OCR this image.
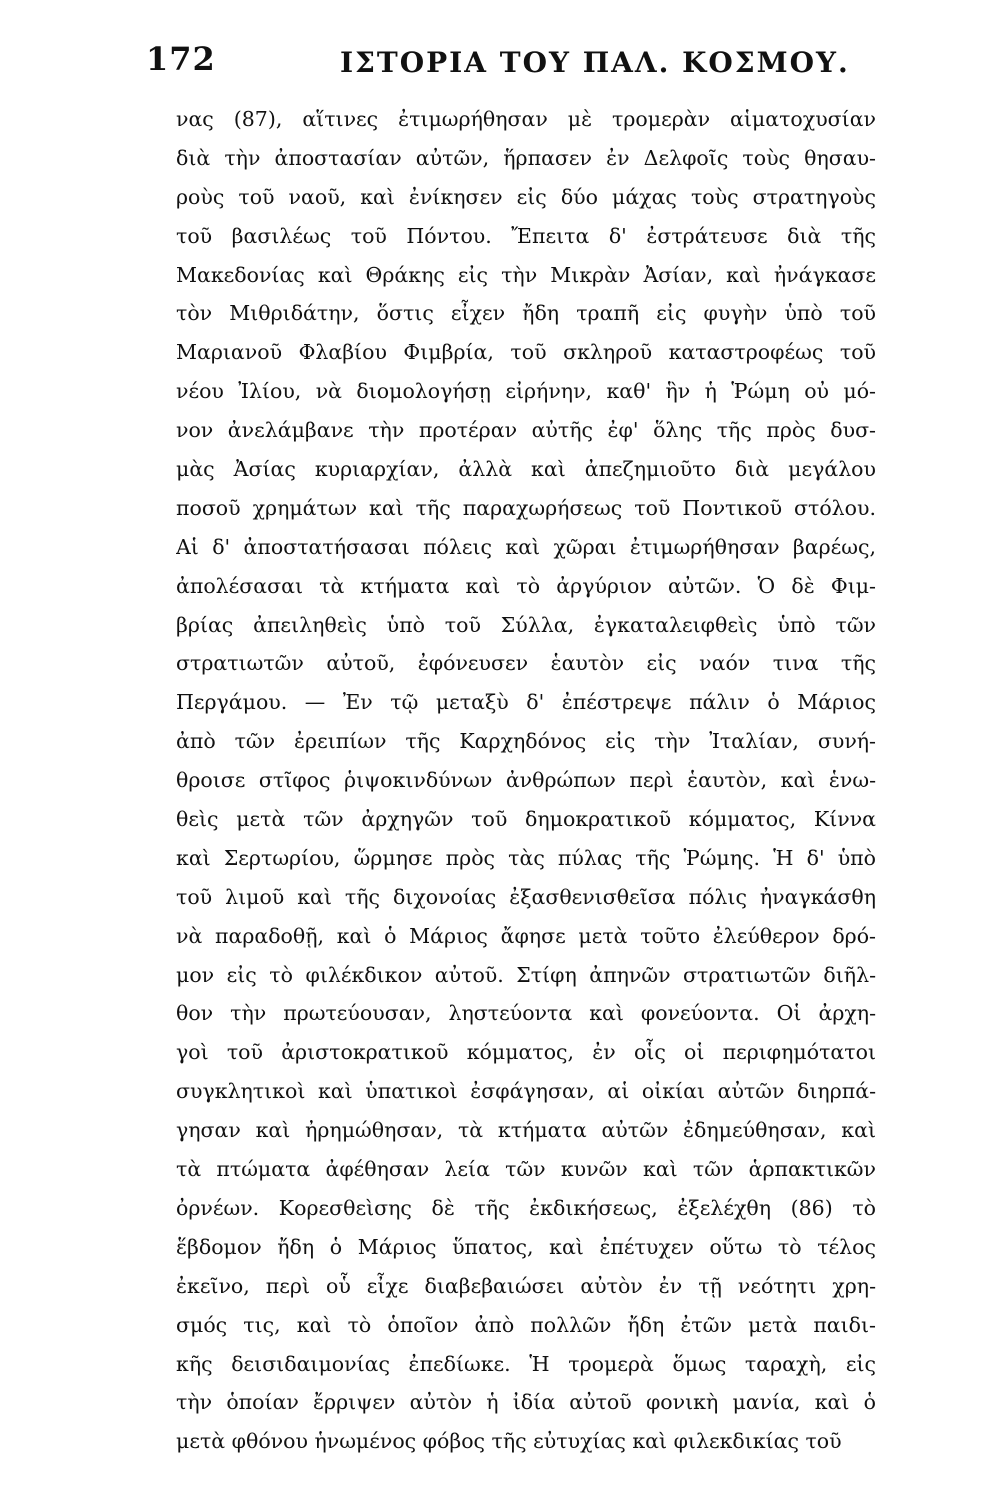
172	ΙΣΤΟΡΙΑ ΤΟΥ ΠΑΛ. ΚΟΣΜΟΥ.
νας (87), αἵτινες ἐτιμωρήθησαν μὲ τρομερὰν αἱματοχυσίαν
διὰ τὴν ἀποστασίαν αὐτῶν, ἥρπασεν ἐν Δελφοῖς τοὺς θησαυ-
ροὺς τοῦ ναοῦ, καὶ ἐνίκησεν εἰς δύο μάχας τοὺς στρατηγοὺς
τοῦ βασιλέως τοῦ Πόντου. Ἔπειτα δ' ἐστράτευσε διὰ τῆς
Μακεδονίας καὶ Θράκης εἰς τὴν Μικρὰν Ἀσίαν, καὶ ἠνάγκασε
τὸν Μιθριδάτην, ὅστις εἶχεν ἤδη τραπῆ εἰς φυγὴν ὑπὸ τοῦ
Μαριανοῦ Φλαβίου Φιμβρία, τοῦ σκληροῦ καταστροφέως τοῦ
νέου Ἰλίου, νὰ διομολογήσῃ εἰρήνην, καθ' ἣν ἡ Ῥώμη οὐ μό-
νον ἀνελάμβανε τὴν προτέραν αὐτῆς ἐφ' ὅλης τῆς πρὸς δυσ-
μὰς Ἀσίας κυριαρχίαν, ἀλλὰ καὶ ἀπεζημιοῦτο διὰ μεγάλου
ποσοῦ χρημάτων καὶ τῆς παραχωρήσεως τοῦ Ποντικοῦ στόλου.
Αἱ δ' ἀποστατήσασαι πόλεις καὶ χῶραι ἐτιμωρήθησαν βαρέως,
ἀπολέσασαι τὰ κτήματα καὶ τὸ ἀργύριον αὐτῶν. Ὁ δὲ Φιμ-
βρίας ἀπειληθεὶς ὑπὸ τοῦ Σύλλα, ἐγκαταλειφθεὶς ὑπὸ τῶν
στρατιωτῶν αὐτοῦ, ἐφόνευσεν ἑαυτὸν εἰς ναόν τινα τῆς
Περγάμου. — Ἐν τῷ μεταξὺ δ' ἐπέστρεψε πάλιν ὁ Μάριος
ἀπὸ τῶν ἐρειπίων τῆς Καρχηδόνος εἰς τὴν Ἰταλίαν, συνή-
θροισε στῖφος ῥιψοκινδύνων ἀνθρώπων περὶ ἑαυτὸν, καὶ ἑνω-
θεὶς μετὰ τῶν ἀρχηγῶν τοῦ δημοκρατικοῦ κόμματος, Κίννα
καὶ Σερτωρίου, ὥρμησε πρὸς τὰς πύλας τῆς Ῥώμης. Ἡ δ' ὑπὸ
τοῦ λιμοῦ καὶ τῆς διχονοίας ἐξασθενισθεῖσα πόλις ἠναγκάσθη
νὰ παραδοθῇ, καὶ ὁ Μάριος ἄφησε μετὰ τοῦτο ἐλεύθερον δρό-
μον εἰς τὸ φιλέκδικον αὐτοῦ. Στίφη ἀπηνῶν στρατιωτῶν διῆλ-
θον τὴν πρωτεύουσαν, ληστεύοντα καὶ φονεύοντα. Οἱ ἀρχη-
γοὶ τοῦ ἀριστοκρατικοῦ κόμματος, ἐν οἷς οἱ περιφημότατοι
συγκλητικοὶ καὶ ὑπατικοὶ ἐσφάγησαν, αἱ οἰκίαι αὐτῶν διηρπά-
γησαν καὶ ἠρημώθησαν, τὰ κτήματα αὐτῶν ἐδημεύθησαν, καὶ
τὰ πτώματα ἀφέθησαν λεία τῶν κυνῶν καὶ τῶν ἁρπακτικῶν
ὀρνέων. Κορεσθεὶσης δὲ τῆς ἐκδικήσεως, ἐξελέχθη (86) τὸ
ἕβδομον ἤδη ὁ Μάριος ὕπατος, καὶ ἐπέτυχεν οὕτω τὸ τέλος
ἐκεῖνο, περὶ οὗ εἶχε διαβεβαιώσει αὐτὸν ἐν τῇ νεότητι χρη-
σμός τις, καὶ τὸ ὁποῖον ἀπὸ πολλῶν ἤδη ἐτῶν μετὰ παιδι-
κῆς δεισιδαιμονίας ἐπεδίωκε. Ἡ τρομερὰ ὅμως ταραχὴ, εἰς
τὴν ὁποίαν ἔρριψεν αὐτὸν ἡ ἰδία αὐτοῦ φονικὴ μανία, καὶ ὁ
μετὰ φθόνου ἡνωμένος φόβος τῆς εὐτυχίας καὶ φιλεκδικίας τοῦ
